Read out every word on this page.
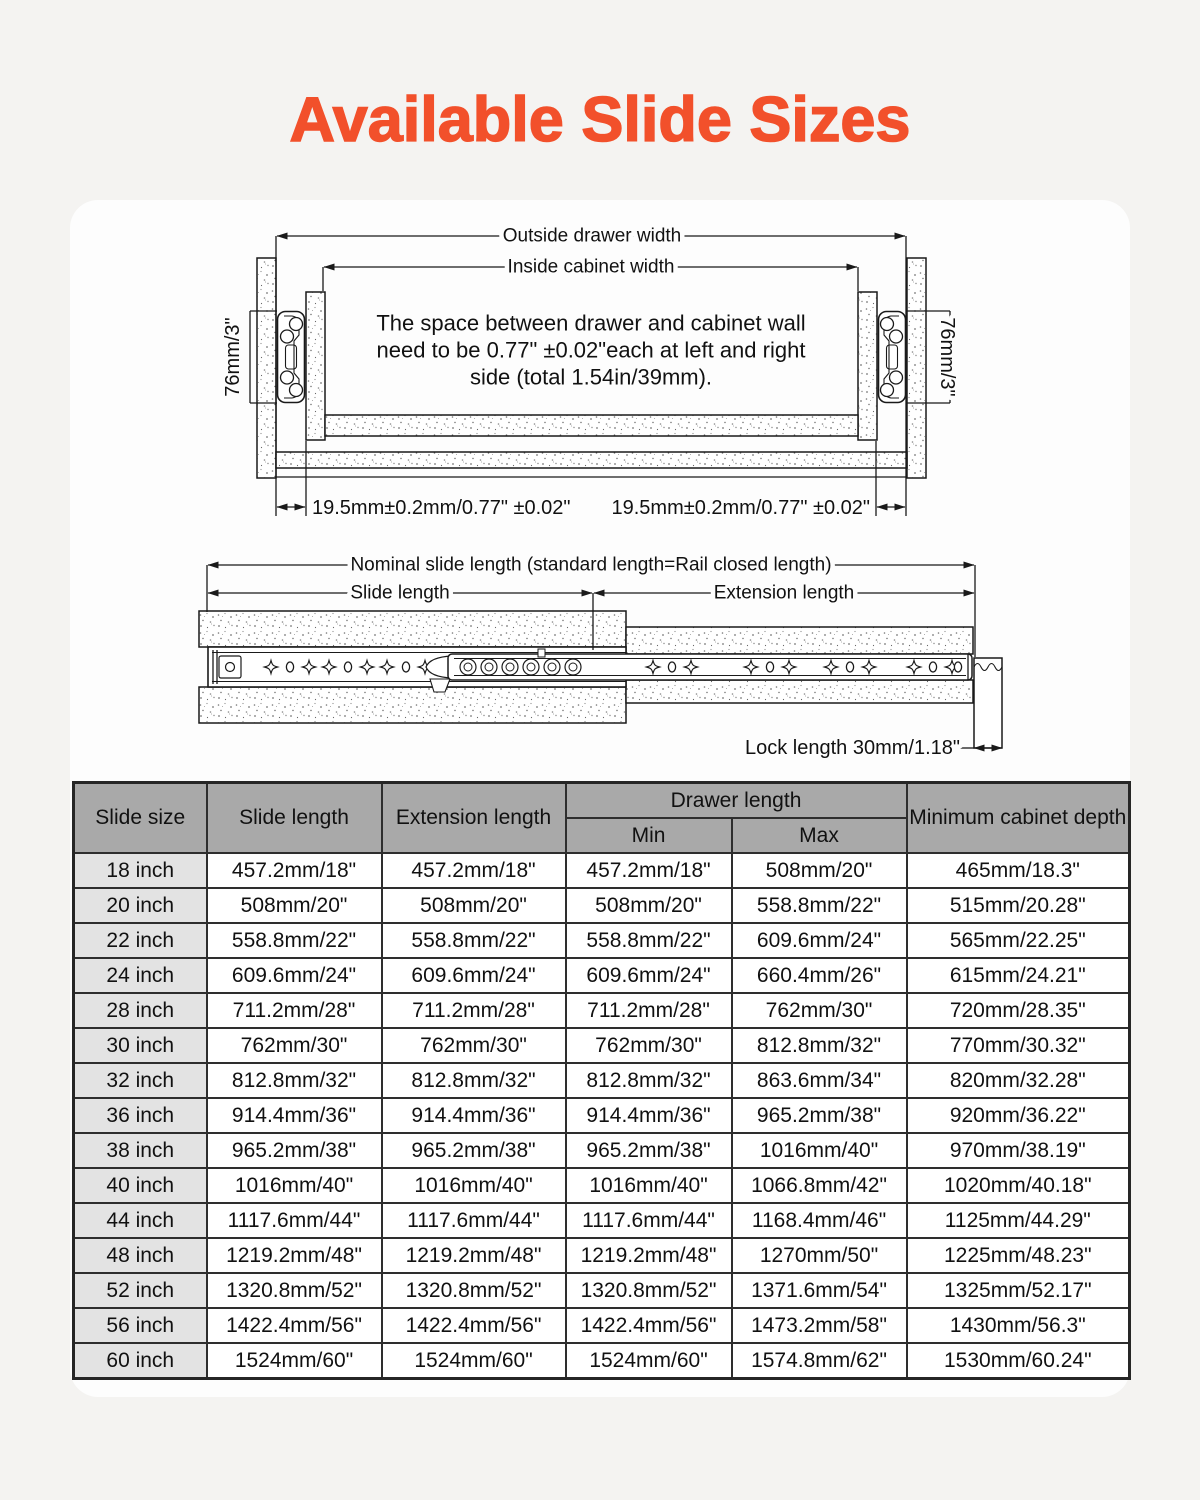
Available Slide Sizes
Outside drawer width
Inside cabinet width
The space between drawer and cabinet wall
need to be 0.77" ±0.02"each at left and right
side (total 1.54in/39mm).
76mm/3"	76mm/3"
19.5mm±0.2mm/0.77" ±0.02" 19.5mm±0.2mm/0.77" ±0.02"
Nominal slide length (standard length=Rail closed length)
Slide length	Extension length
Lock length 30mm/1.18"
Slide size	Slide length	Extension length	Drawer length		Minimum cabinet depth
			Min	Max	
18 inch	457.2mm/18"	457.2mm/18"	457.2mm/18"	508mm/20"	465mm/18.3"
20 inch	508mm/20"	508mm/20"	508mm/20"	558.8mm/22"	515mm/20.28"
22 inch	558.8mm/22"	558.8mm/22"	558.8mm/22"	609.6mm/24"	565mm/22.25"
24 inch	609.6mm/24"	609.6mm/24"	609.6mm/24"	660.4mm/26"	615mm/24.21"
28 inch	711.2mm/28"	711.2mm/28"	711.2mm/28"	762mm/30"	720mm/28.35"
30 inch	762mm/30"	762mm/30"	762mm/30"	812.8mm/32"	770mm/30.32"
32 inch	812.8mm/32"	812.8mm/32"	812.8mm/32"	863.6mm/34"	820mm/32.28"
36 inch	914.4mm/36"	914.4mm/36"	914.4mm/36"	965.2mm/38"	920mm/36.22"
38 inch	965.2mm/38"	965.2mm/38"	965.2mm/38"	1016mm/40"	970mm/38.19"
40 inch	1016mm/40"	1016mm/40"	1016mm/40"	1066.8mm/42"	1020mm/40.18"
44 inch	1117.6mm/44"	1117.6mm/44"	1117.6mm/44"	1168.4mm/46"	1125mm/44.29"
48 inch	1219.2mm/48"	1219.2mm/48"	1219.2mm/48"	1270mm/50"	1225mm/48.23"
52 inch	1320.8mm/52"	1320.8mm/52"	1320.8mm/52"	1371.6mm/54"	1325mm/52.17"
56 inch	1422.4mm/56"	1422.4mm/56"	1422.4mm/56"	1473.2mm/58"	1430mm/56.3"
60 inch	1524mm/60"	1524mm/60"	1524mm/60"	1574.8mm/62"	1530mm/60.24"
